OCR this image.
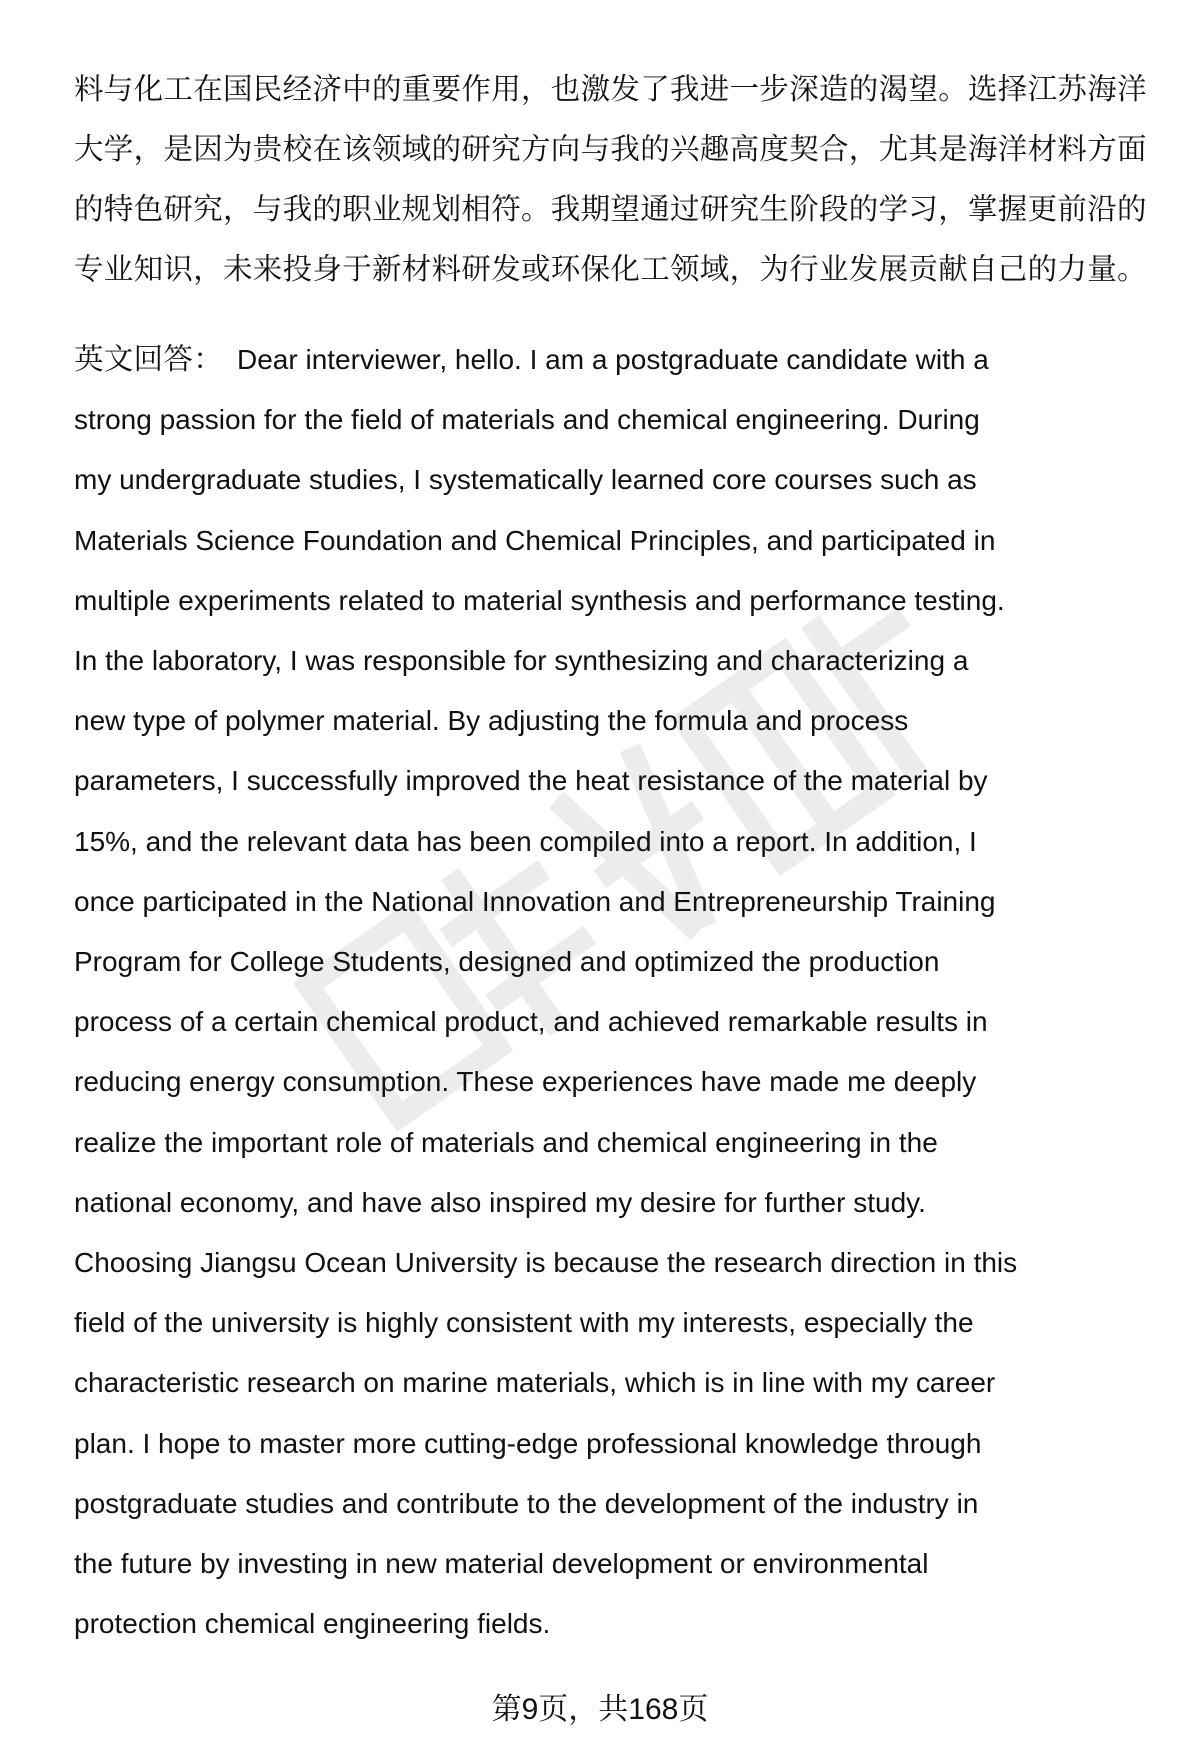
料与化工在国民经济中的重要作用，也激发了我进一步深造的渴望。选择江苏海洋
大学，是因为贵校在该领域的研究方向与我的兴趣高度契合，尤其是海洋材料方面
的特色研究，与我的职业规划相符。我期望通过研究生阶段的学习，掌握更前沿的
专业知识，未来投身于新材料研发或环保化工领域，为行业发展贡献自己的力量。
英文回答： Dear interviewer, hello. I am a postgraduate candidate with a
strong passion for the field of materials and chemical engineering. During
my undergraduate studies, I systematically learned core courses such as
Materials Science Foundation and Chemical Principles, and participated in
multiple experiments related to material synthesis and performance testing.
In the laboratory, I was responsible for synthesizing and characterizing a
new type of polymer material. By adjusting the formula and process
parameters, I successfully improved the heat resistance of the material by
15%, and the relevant data has been compiled into a report. In addition, I
once participated in the National Innovation and Entrepreneurship Training
Program for College Students, designed and optimized the production
process of a certain chemical product, and achieved remarkable results in
reducing energy consumption. These experiences have made me deeply
realize the important role of materials and chemical engineering in the
national economy, and have also inspired my desire for further study.
Choosing Jiangsu Ocean University is because the research direction in this
field of the university is highly consistent with my interests, especially the
characteristic research on marine materials, which is in line with my career
plan. I hope to master more cutting-edge professional knowledge through
postgraduate studies and contribute to the development of the industry in
the future by investing in new material development or environmental
protection chemical engineering fields.
第9页，共168页
